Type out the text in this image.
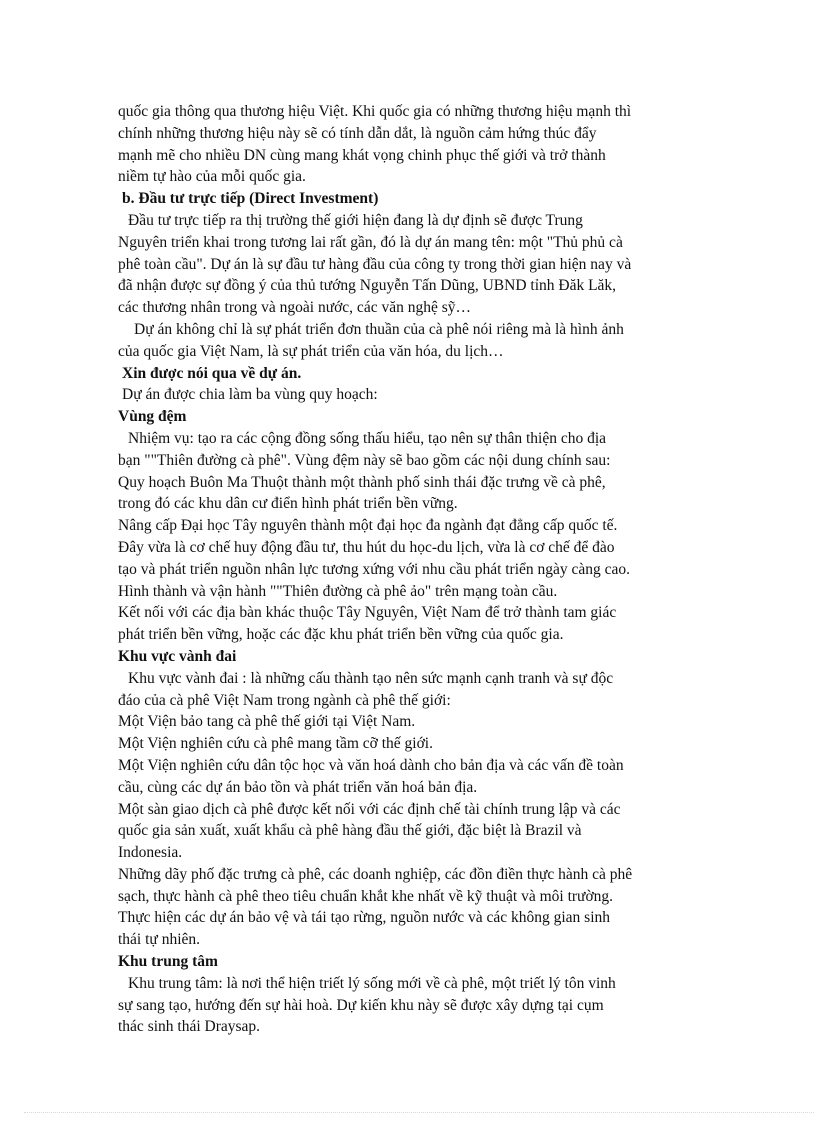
quốc gia thông qua thương hiệu Việt. Khi quốc gia có những thương hiệu mạnh thì
chính những thương hiệu này sẽ có tính dẫn dắt, là nguồn cảm hứng thúc đẩy
mạnh mẽ cho nhiều DN cùng mang khát vọng chinh phục thế giới và trở thành
niềm tự hào của mỗi quốc gia.
b. Đầu tư trực tiếp (Direct Investment)
Đầu tư trực tiếp ra thị trường thế giới hiện đang là dự định sẽ được Trung
Nguyên triển khai trong tương lai rất gần, đó là dự án mang tên: một "Thủ phủ cà
phê toàn cầu". Dự án là sự đầu tư hàng đầu của công ty trong thời gian hiện nay và
đã nhận được sự đồng ý của thủ tướng Nguyễn Tấn Dũng, UBND tỉnh Đăk Lăk,
các thương nhân trong và ngoài nước, các văn nghệ sỹ…
Dự án không chỉ là sự phát triển đơn thuần của cà phê nói riêng mà là hình ảnh
của quốc gia Việt Nam, là sự phát triển của văn hóa, du lịch…
Xin được nói qua về dự án.
Dự án được chia làm ba vùng quy hoạch:
Vùng đệm
Nhiệm vụ: tạo ra các cộng đồng sống thấu hiểu, tạo nên sự thân thiện cho địa
bạn ""Thiên đường cà phê". Vùng đệm này sẽ bao gồm các nội dung chính sau:
Quy hoạch Buôn Ma Thuột thành một thành phố sinh thái đặc trưng về cà phê,
trong đó các khu dân cư điển hình phát triển bền vững.
Nâng cấp Đại học Tây nguyên thành một đại học đa ngành đạt đẳng cấp quốc tế.
Đây vừa là cơ chế huy động đầu tư, thu hút du học-du lịch, vừa là cơ chế để đào
tạo và phát triển nguồn nhân lực tương xứng với nhu cầu phát triển ngày càng cao.
Hình thành và vận hành ""Thiên đường cà phê ảo" trên mạng toàn cầu.
Kết nối với các địa bàn khác thuộc Tây Nguyên, Việt Nam để trở thành tam giác
phát triển bền vững, hoặc các đặc khu phát triển bền vững của quốc gia.
Khu vực vành đai
Khu vực vành đai : là những cấu thành tạo nên sức mạnh cạnh tranh và sự độc
đáo của cà phê Việt Nam trong ngành cà phê thế giới:
Một Viện bảo tang cà phê thế giới tại Việt Nam.
Một Viện nghiên cứu cà phê mang tầm cỡ thế giới.
Một Viện nghiên cứu dân tộc học và văn hoá dành cho bản địa và các vấn đề toàn
cầu, cùng các dự án bảo tồn và phát triển văn hoá bản địa.
Một sàn giao dịch cà phê được kết nối với các định chế tài chính trung lập và các
quốc gia sản xuất, xuất khẩu cà phê hàng đầu thế giới, đặc biệt là Brazil và
Indonesia.
Những dãy phố đặc trưng cà phê, các doanh nghiệp, các đồn điền thực hành cà phê
sạch, thực hành cà phê theo tiêu chuẩn khắt khe nhất về kỹ thuật và môi trường.
Thực hiện các dự án bảo vệ và tái tạo rừng, nguồn nước và các không gian sinh
thái tự nhiên.
Khu trung tâm
Khu trung tâm: là nơi thể hiện triết lý sống mới về cà phê, một triết lý tôn vinh
sự sang tạo, hướng đến sự hài hoà. Dự kiến khu này sẽ được xây dựng tại cụm
thác sinh thái Draysap.
